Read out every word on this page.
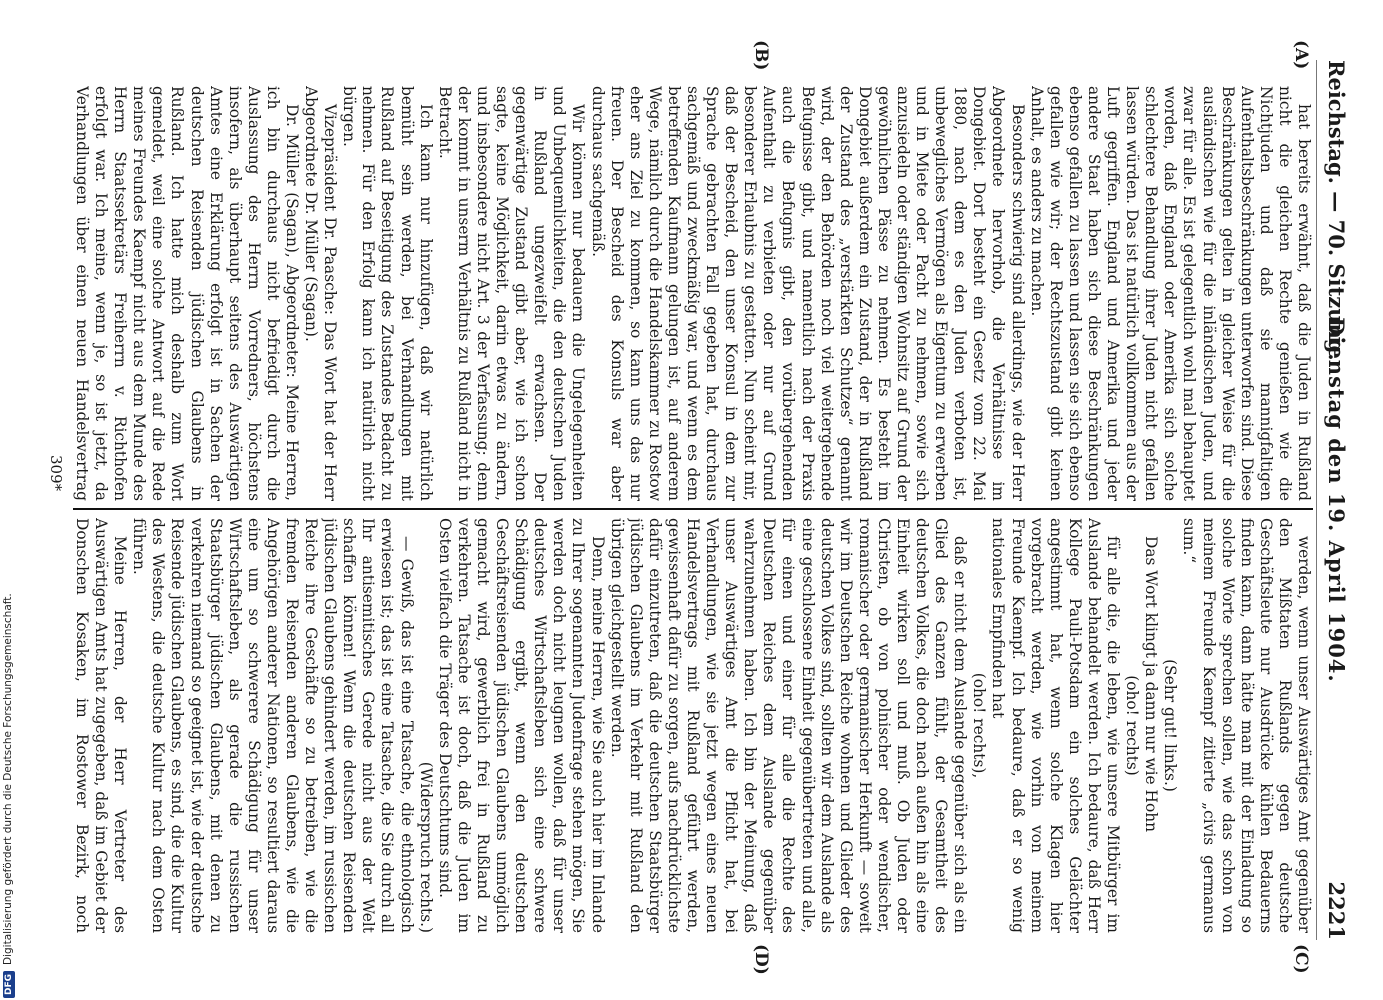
Reichstag. — 70. Sitzung.
Dienstag den 19. April 1904.
2221
(A)
(B)
(C)
(D)

hat bereits erwähnt, daß die Juden in Rußland nicht die gleichen Rechte genießen wie die Nichtjuden und daß sie mannigfaltigen Aufenthaltsbeschränkungen unterworfen sind. Diese Beschränkungen gelten in gleicher Weise für die ausländischen wie für die inländischen Juden, und zwar für alle. Es ist gelegentlich wohl mal behauptet worden, daß England oder Amerika sich solche schlechtere Behandlung ihrer Juden nicht gefallen lassen würden. Das ist natürlich vollkommen aus der Luft gegriffen. England und Amerika und jeder andere Staat haben sich diese Beschränkungen ebenso gefallen zu lassen und lassen sie sich ebenso gefallen wie wir; der Rechtszustand gibt keinen Anhalt, es anders zu machen.

Besonders schwierig sind allerdings, wie der Herr Abgeordnete hervorhob, die Verhältnisse im Dongebiet. Dort besteht ein Gesetz vom 22. Mai 1880, nach dem es den Juden verboten ist, unbewegliches Vermögen als Eigentum zu erwerben und in Miete oder Pacht zu nehmen, sowie sich anzusiedeln oder ständigen Wohnsitz auf Grund der gewöhnlichen Pässe zu nehmen. Es besteht im Dongebiet außerdem ein Zustand, der in Rußland der Zustand des „verstärkten Schutzes“ genannt wird, der den Behörden noch viel weitergehende Befugnisse gibt, und namentlich nach der Praxis auch die Befugnis gibt, den vorübergehenden Aufenthalt zu verbieten oder nur auf Grund besonderer Erlaubnis zu gestatten. Nun scheint mir, daß der Bescheid, den unser Konsul in dem zur Sprache gebrachten Fall gegeben hat, durchaus sachgemäß und zweckmäßig war, und wenn es dem betreffenden Kaufmann gelungen ist, auf anderem Wege, nämlich durch die Handelskammer zu Rostow eher ans Ziel zu kommen, so kann uns das nur freuen. Der Bescheid des Konsuls war aber durchaus sachgemäß.

Wir können nur bedauern die Ungelegenheiten und Unbequemlichkeiten, die den deutschen Juden in Rußland ungezweifelt erwachsen. Der gegenwärtige Zustand gibt aber, wie ich schon sagte, keine Möglichkeit, darin etwas zu ändern, und insbesondere nicht Art. 3 der Verfassung; denn der kommt in unserm Verhältnis zu Rußland nicht in Betracht.

Ich kann nur hinzufügen, daß wir natürlich bemüht sein werden, bei Verhandlungen mit Rußland auf Beseitigung des Zustandes Bedacht zu nehmen. Für den Erfolg kann ich natürlich nicht bürgen.

Vizepräsident Dr. Paasche: Das Wort hat der Herr Abgeordnete Dr. Müller (Sagan).

Dr. Müller (Sagan), Abgeordneter: Meine Herren, ich bin durchaus nicht befriedigt durch die Auslassung des Herrn Vorredners, höchstens insofern, als überhaupt seitens des Auswärtigen Amtes eine Erklärung erfolgt ist in Sachen der deutschen Reisenden jüdischen Glaubens in Rußland. Ich hatte mich deshalb zum Wort gemeldet, weil eine solche Antwort auf die Rede meines Freundes Kaempf nicht aus dem Munde des Herrn Staatssekretärs Freiherrn v. Richthofen erfolgt war. Ich meine, wenn je, so ist jetzt, da Verhandlungen über einen neuen Handelsvertrag

werden, wenn unser Auswärtiges Amt gegenüber den Mißtaten Rußlands gegen deutsche Geschäftsleute nur Ausdrücke kühlen Bedauerns finden kann, dann hätte man mit der Einladung so solche Worte sprechen sollen, wie das schon von meinem Freunde Kaempf zitierte „civis germanus sum.“

(Sehr gut! links.)

Das Wort klingt ja dann nur wie Hohn

(oho! rechts)

für alle die, die leben, wie unsere Mitbürger im Auslande behandelt werden. Ich bedaure, daß Herr Kollege Pauli-Potsdam ein solches Gelächter angestimmt hat, wenn solche Klagen hier vorgebracht werden, wie vorhin von meinem Freunde Kaempf. Ich bedaure, daß er so wenig nationales Empfinden hat

(oho! rechts),

daß er nicht dem Auslande gegenüber sich als ein Glied des Ganzen fühlt, der Gesamtheit des deutschen Volkes, die doch nach außen hin als eine Einheit wirken soll und muß. Ob Juden oder Christen, ob von polnischer oder wendischer, romanischer oder germanischer Herkunft — soweit wir im Deutschen Reiche wohnen und Glieder des deutschen Volkes sind, sollten wir dem Auslande als eine geschlossene Einheit gegenübertreten und alle, für einen und einer für alle die Rechte des Deutschen Reiches dem Auslande gegenüber wahrzunehmen haben. Ich bin der Meinung, daß unser Auswärtiges Amt die Pflicht hat, bei Verhandlungen, wie sie jetzt wegen eines neuen Handelsvertrags mit Rußland geführt werden, gewissenhaft dafür zu sorgen, aufs nachdrücklichste dafür einzutreten, daß die deutschen Staatsbürger jüdischen Glaubens im Verkehr mit Rußland den übrigen gleichgestellt werden.

Denn, meine Herren, wie Sie auch hier im Inlande zu Ihrer sogenannten Judenfrage stehen mögen, Sie werden doch nicht leugnen wollen, daß für unser deutsches Wirtschaftsleben sich eine schwere Schädigung ergibt, wenn den deutschen Geschäftsreisenden jüdischen Glaubens unmöglich gemacht wird, gewerblich frei in Rußland zu verkehren. Tatsache ist doch, daß die Juden im Osten vielfach die Träger des Deutschtums sind.

(Widerspruch rechts.)

— Gewiß, das ist eine Tatsache, die ethnologisch erwiesen ist; das ist eine Tatsache, die Sie durch all Ihr antisemitisches Gerede nicht aus der Welt schaffen können! Wenn die deutschen Reisenden jüdischen Glaubens gehindert werden, im russischen Reiche ihre Geschäfte so zu betreiben, wie die fremden Reisenden anderen Glaubens, wie die Angehörigen anderer Nationen, so resultiert daraus eine um so schwerere Schädigung für unser Wirtschaftsleben, als gerade die russischen Staatsbürger jüdischen Glaubens, mit denen zu verkehren niemand so geeignet ist, wie der deutsche Reisende jüdischen Glaubens, es sind, die die Kultur des Westens, die deutsche Kultur nach dem Osten führen.

Meine Herren, der Herr Vertreter des Auswärtigen Amts hat zugegeben, daß im Gebiet der Donschen Kosaken, im Rostower Bezirk, noch

309*
DFGDigitalisierung gefördert durch die Deutsche Forschungsgemeinschaft.
